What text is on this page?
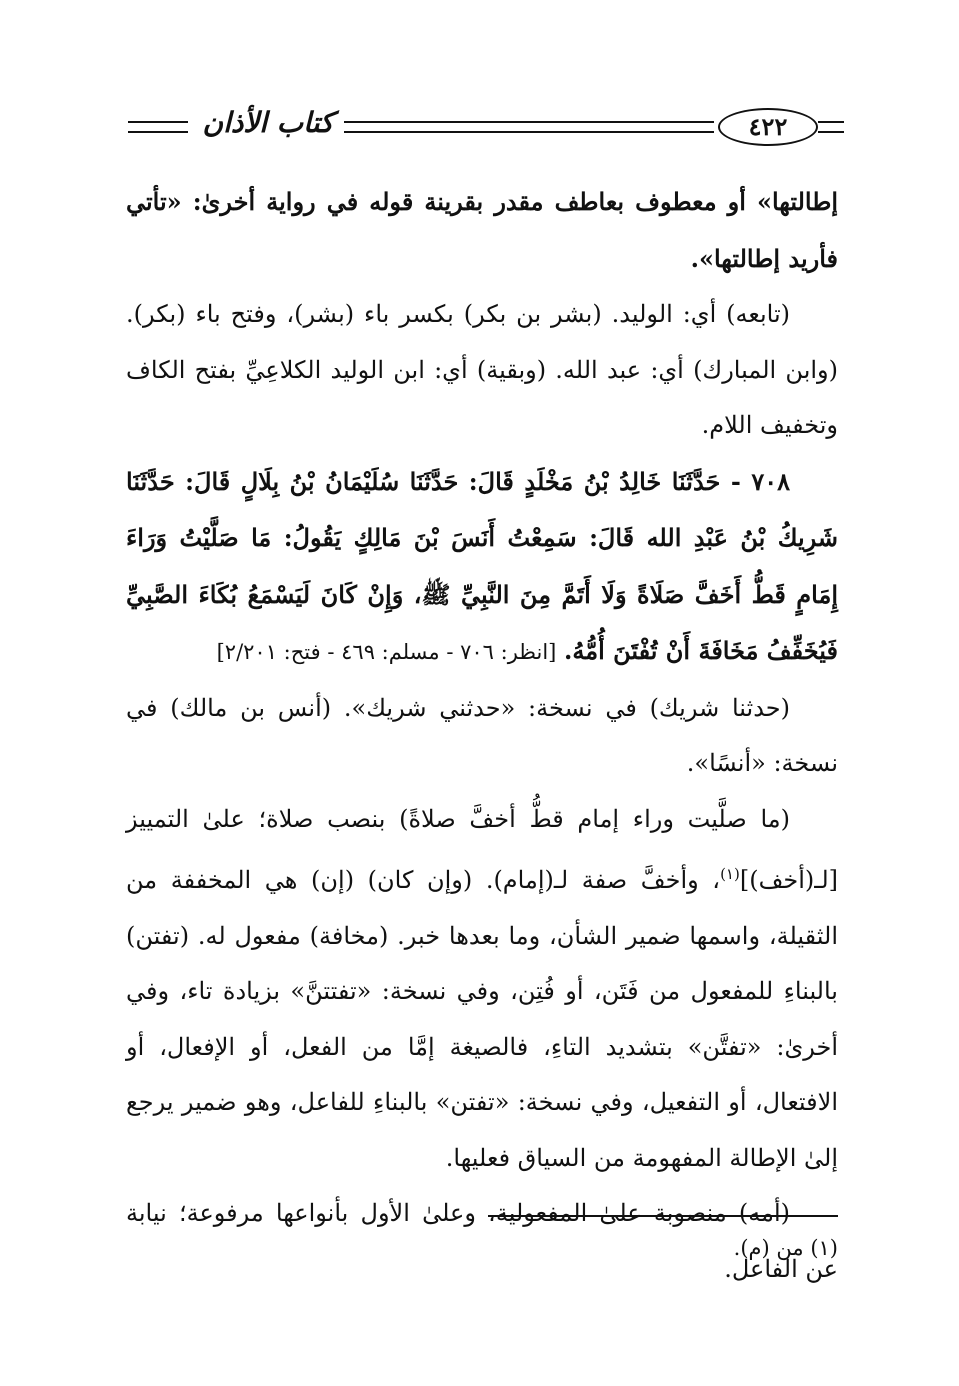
كتاب الأذان	٤٢٢

إطالتها» أو معطوف بعاطف مقدر بقرينة قوله في رواية أخرىٰ: «تأتي فأريد إطالتها».

(تابعه) أي: الوليد. (بشر بن بكر) بكسر باء (بشر)، وفتح باء (بكر). (وابن المبارك) أي: عبد الله. (وبقية) أي: ابن الوليد الكلاعِيِّ بفتح الكاف وتخفيف اللام.

٧٠٨ - حَدَّثَنَا خَالِدُ بْنُ مَخْلَدٍ قَالَ: حَدَّثَنَا سُلَيْمَانُ بْنُ بِلَالٍ قَالَ: حَدَّثَنَا شَرِيكُ بْنُ عَبْدِ الله قَالَ: سَمِعْتُ أَنَسَ بْنَ مَالِكٍ يَقُولُ: مَا صَلَّيْتُ وَرَاءَ إِمَامٍ قَطُّ أَخَفَّ صَلَاةً وَلَا أَتَمَّ مِنَ النَّبِيِّ ﷺ، وَإِنْ كَانَ لَيَسْمَعُ بُكَاءَ الصَّبِيِّ فَيُخَفِّفُ مَخَافَةَ أَنْ تُفْتَنَ أُمُّهُ. [انظر: ٧٠٦ - مسلم: ٤٦٩ - فتح: ٢/٢٠١]

(حدثنا شريك) في نسخة: «حدثني شريك». (أنس بن مالك) في نسخة: «أنسًا».

(ما صلَّيت وراء إمام قطُّ أخفَّ صلاةً) بنصب صلاة؛ علىٰ التمييز [لـ(أخف)]$^{(١)}$، وأخفَّ صفة لـ(إمام). (وإن كان) (إن) هي المخففة من الثقيلة، واسمها ضمير الشأن، وما بعدها خبر. (مخافة) مفعول له. (تفتن) بالبناءِ للمفعول من فَتَن، أو فُتِن، وفي نسخة: «تفتتنَّ» بزيادة تاء، وفي أخرىٰ: «تفتَّن» بتشديد التاءِ، فالصيغة إمَّا من الفعل، أو الإفعال، أو الافتعال، أو التفعيل، وفي نسخة: «تفتن» بالبناءِ للفاعل، وهو ضمير يرجع إلىٰ الإطالة المفهومة من السياق فعليها.

(أمه) منصوبة علىٰ المفعولية، وعلىٰ الأول بأنواعها مرفوعة؛ نيابة عن الفاعل.

(١) من (م).
